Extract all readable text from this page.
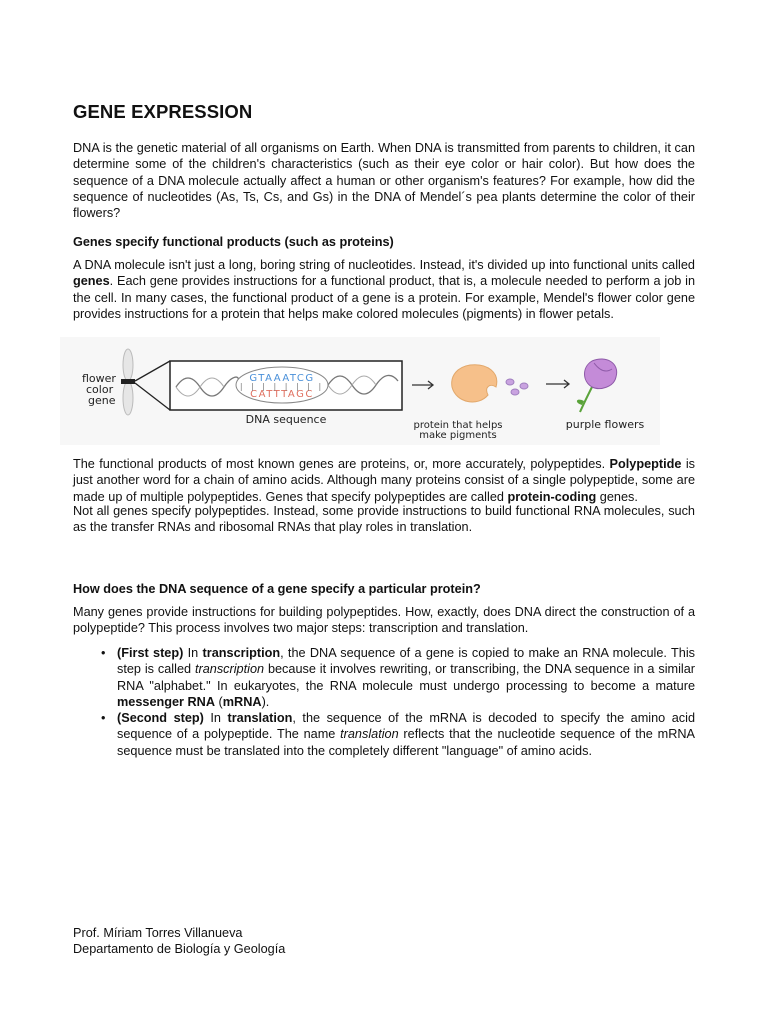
GENE EXPRESSION

DNA is the genetic material of all organisms on Earth. When DNA is transmitted from parents to children, it can determine some of the children's characteristics (such as their eye color or hair color). But how does the sequence of a DNA molecule actually affect a human or other organism's features? For example, how did the sequence of nucleotides (As, Ts, Cs, and Gs) in the DNA of Mendel´s pea plants determine the color of their flowers?

Genes specify functional products (such as proteins)

A DNA molecule isn't just a long, boring string of nucleotides. Instead, it's divided up into functional units called genes. Each gene provides instructions for a functional product, that is, a molecule needed to perform a job in the cell. In many cases, the functional product of a gene is a protein. For example, Mendel's flower color gene provides instructions for a protein that helps make colored molecules (pigments) in flower petals.

The functional products of most known genes are proteins, or, more accurately, polypeptides. Polypeptide is just another word for a chain of amino acids. Although many proteins consist of a single polypeptide, some are made up of multiple polypeptides. Genes that specify polypeptides are called protein-coding genes.

Not all genes specify polypeptides. Instead, some provide instructions to build functional RNA molecules, such as the transfer RNAs and ribosomal RNAs that play roles in translation.

How does the DNA sequence of a gene specify a particular protein?

Many genes provide instructions for building polypeptides. How, exactly, does DNA direct the construction of a polypeptide? This process involves two major steps: transcription and translation.

• (First step) In transcription, the DNA sequence of a gene is copied to make an RNA molecule. This step is called transcription because it involves rewriting, or transcribing, the DNA sequence in a similar RNA "alphabet." In eukaryotes, the RNA molecule must undergo processing to become a mature messenger RNA (mRNA).
• (Second step) In translation, the sequence of the mRNA is decoded to specify the amino acid sequence of a polypeptide. The name translation reflects that the nucleotide sequence of the mRNA sequence must be translated into the completely different "language" of amino acids.
flower
color
gene
GTAAATCG
CATTTAGC
| | | | | | | |
DNA sequence	protein that helps
make pigments
purple flowers
Prof. Míriam Torres Villanueva
Departamento de Biología y Geología
